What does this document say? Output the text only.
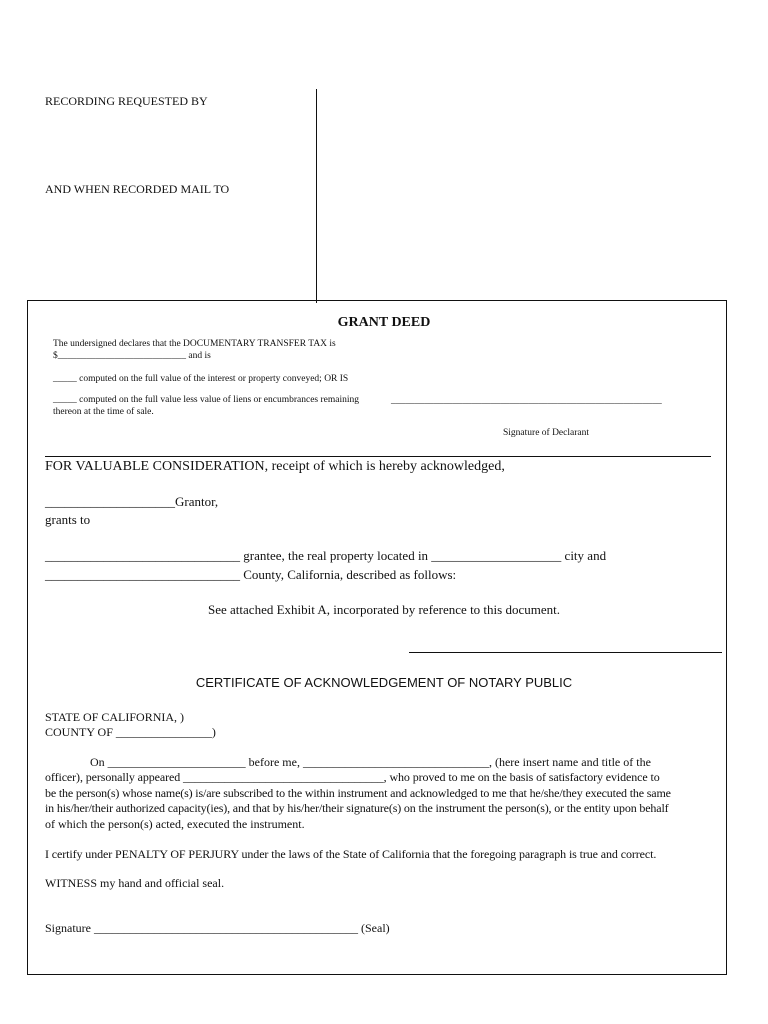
RECORDING REQUESTED BY
AND WHEN RECORDED MAIL TO
GRANT DEED
The undersigned declares that the DOCUMENTARY TRANSFER TAX is
$___________________________ and is
_____ computed on the full value of the interest or property conveyed; OR IS
_____ computed on the full value less value of liens or encumbrances remaining
thereon at the time of sale.
_________________________________________________________
Signature of Declarant
FOR VALUABLE CONSIDERATION, receipt of which is hereby acknowledged,
____________________Grantor,
grants to
______________________________ grantee, the real property located in ____________________ city and
______________________________ County, California, described as follows:
See attached Exhibit A, incorporated by reference to this document.
CERTIFICATE OF ACKNOWLEDGEMENT OF NOTARY PUBLIC
STATE OF CALIFORNIA, )
COUNTY OF ________________)
On _______________________ before me, _______________________________, (here insert name and title of the
officer), personally appeared __________________________________, who proved to me on the basis of satisfactory evidence to
be the person(s) whose name(s) is/are subscribed to the within instrument and acknowledged to me that he/she/they executed the same
in his/her/their authorized capacity(ies), and that by his/her/their signature(s) on the instrument the person(s), or the entity upon behalf
of which the person(s) acted, executed the instrument.
I certify under PENALTY OF PERJURY under the laws of the State of California that the foregoing paragraph is true and correct.
WITNESS my hand and official seal.
Signature ____________________________________________ (Seal)
